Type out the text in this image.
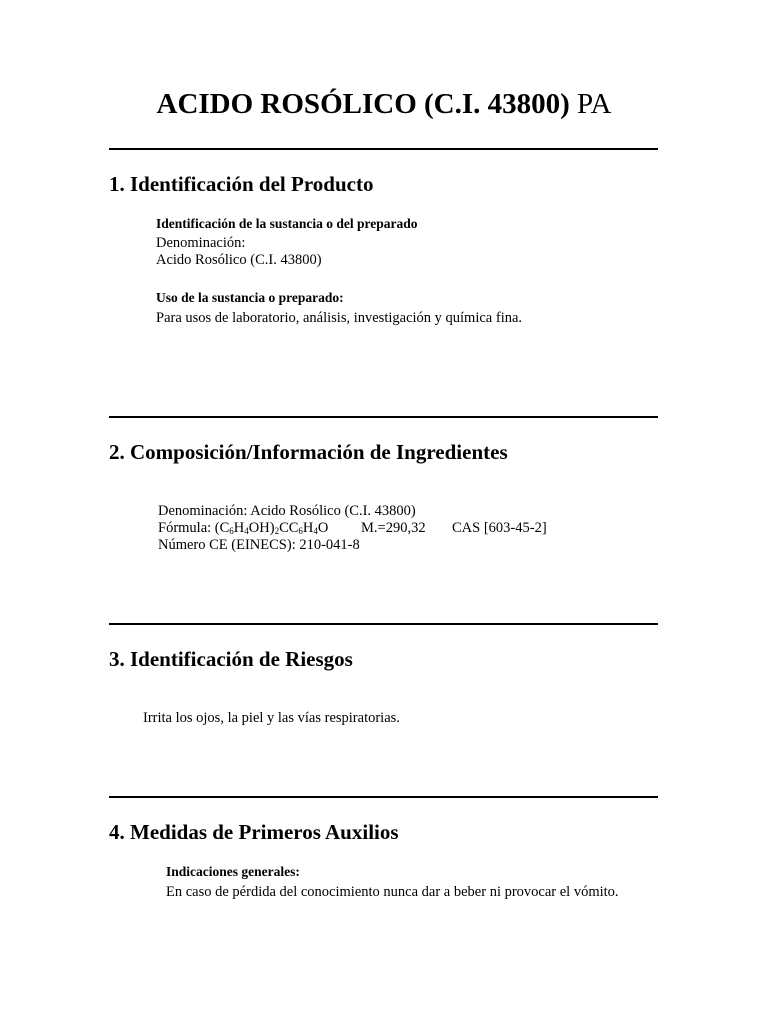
ACIDO ROSÓLICO (C.I. 43800) PA
1. Identificación del Producto

Identificación de la sustancia o del preparado

Denominación:

Acido Rosólico (C.I. 43800)

Uso de la sustancia o preparado:

Para usos de laboratorio, análisis, investigación y química fina.

2. Composición/Información de Ingredientes

Denominación: Acido Rosólico (C.I. 43800)

Fórmula: $(C_6H_4OH)_2CC_6H_4O$ M.=290,32 CAS [603-45-2]

Número CE (EINECS): 210-041-8

3. Identificación de Riesgos

Irrita los ojos, la piel y las vías respiratorias.

4. Medidas de Primeros Auxilios

Indicaciones generales:

En caso de pérdida del conocimiento nunca dar a beber ni provocar el vómito.
